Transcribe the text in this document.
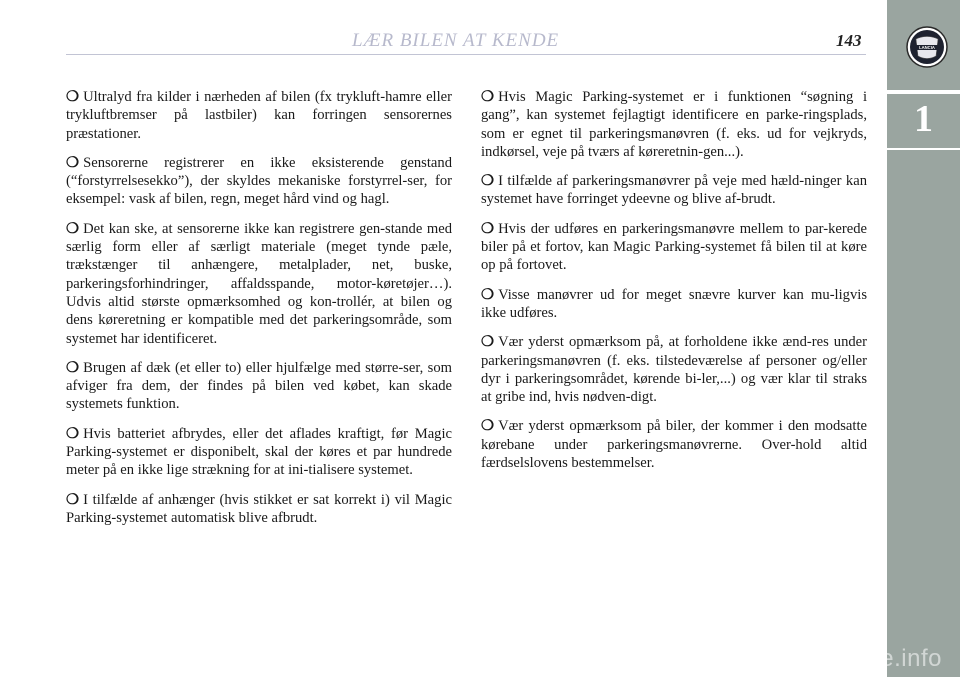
LÆR BILEN AT KENDE	143
1
LANCIA

❍ Ultralyd fra kilder i nærheden af bilen (fx trykluft-hamre eller trykluftbremser på lastbiler) kan forringen sensorernes præstationer.

❍ Sensorerne registrerer en ikke eksisterende genstand (“forstyrrelsesekko”), der skyldes mekaniske forstyrrel-ser, for eksempel: vask af bilen, regn, meget hård vind og hagl.

❍ Det kan ske, at sensorerne ikke kan registrere gen-stande med særlig form eller af særligt materiale (meget tynde pæle, trækstænger til anhængere, metalplader, net, buske, parkeringsforhindringer, affaldsspande, motor-køretøjer…). Udvis altid største opmærksomhed og kon-trollér, at bilen og dens køreretning er kompatible med det parkeringsområde, som systemet har identificeret.

❍ Brugen af dæk (et eller to) eller hjulfælge med større-ser, som afviger fra dem, der findes på bilen ved købet, kan skade systemets funktion.

❍ Hvis batteriet afbrydes, eller det aflades kraftigt, før Magic Parking-systemet er disponibelt, skal der køres et par hundrede meter på en ikke lige strækning for at ini-tialisere systemet.

❍ I tilfælde af anhænger (hvis stikket er sat korrekt i) vil Magic Parking-systemet automatisk blive afbrudt.

❍ Hvis Magic Parking-systemet er i funktionen “søgning i gang”, kan systemet fejlagtigt identificere en parke-ringsplads, som er egnet til parkeringsmanøvren (f. eks. ud for vejkryds, indkørsel, veje på tværs af køreretnin-gen...).

❍ I tilfælde af parkeringsmanøvrer på veje med hæld-ninger kan systemet have forringet ydeevne og blive af-brudt.

❍ Hvis der udføres en parkeringsmanøvre mellem to par-kerede biler på et fortov, kan Magic Parking-systemet få bilen til at køre op på fortovet.

❍ Visse manøvrer ud for meget snævre kurver kan mu-ligvis ikke udføres.

❍ Vær yderst opmærksom på, at forholdene ikke ænd-res under parkeringsmanøvren (f. eks. tilstedeværelse af personer og/eller dyr i parkeringsområdet, kørende bi-ler,...) og vær klar til straks at gribe ind, hvis nødven-digt.

❍ Vær yderst opmærksom på biler, der kommer i den modsatte kørebane under parkeringsmanøvrerne. Over-hold altid færdselslovens bestemmelser.

carmanualsonline.info
